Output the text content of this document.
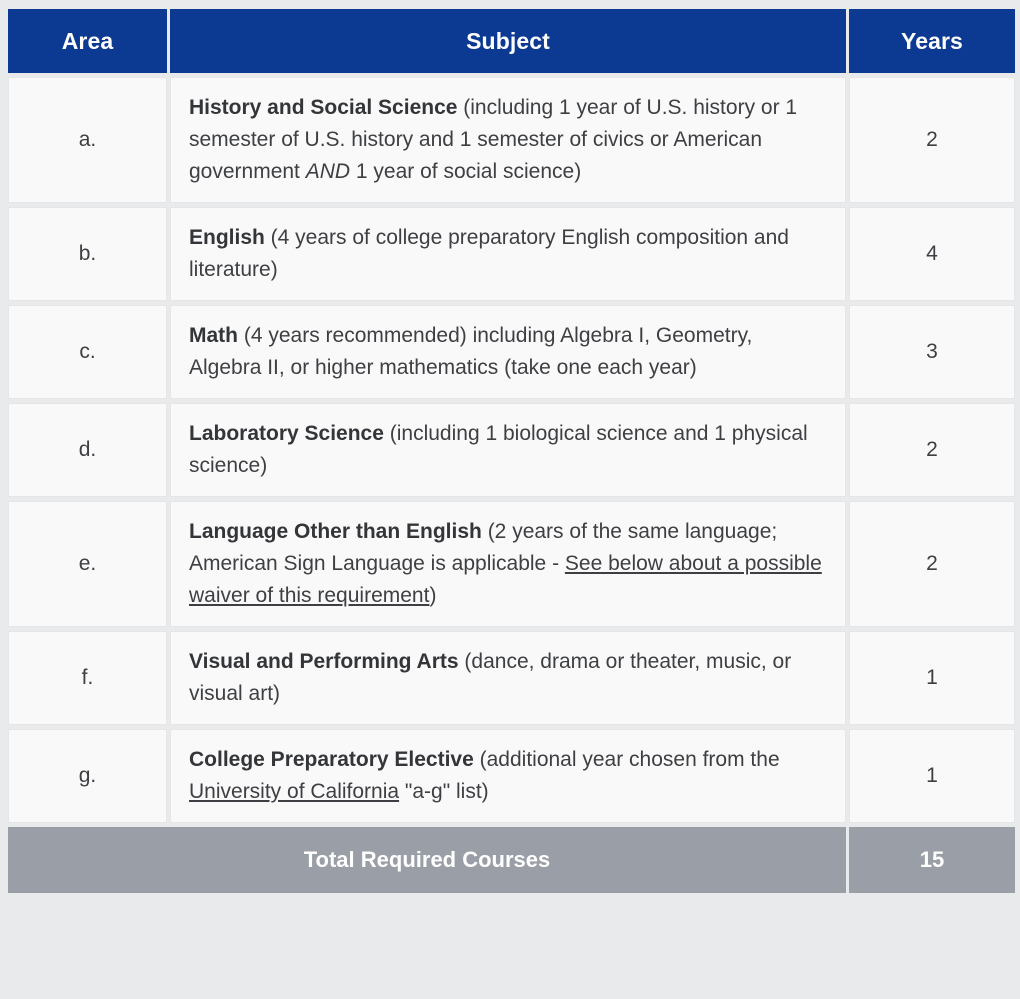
Area	Subject	Years
a.	History and Social Science (including 1 year of U.S. history or 1 semester of U.S. history and 1 semester of civics or American government AND 1 year of social science)	2
b.	English (4 years of college preparatory English composition and literature)	4
c.	Math (4 years recommended) including Algebra I, Geometry, Algebra II, or higher mathematics (take one each year)	3
d.	Laboratory Science (including 1 biological science and 1 physical science)	2
e.	Language Other than English (2 years of the same language; American Sign Language is applicable - See below about a possible waiver of this requirement)	2
f.	Visual and Performing Arts (dance, drama or theater, music, or visual art)	1
g.	College Preparatory Elective (additional year chosen from the University of California "a-g" list)	1
Total Required Courses		15
